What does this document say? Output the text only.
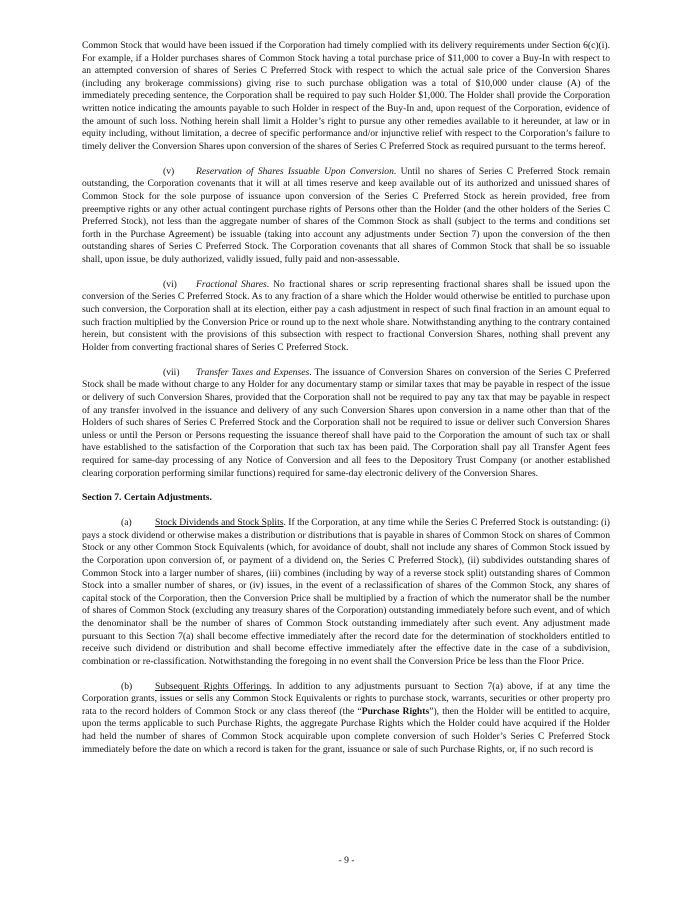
Common Stock that would have been issued if the Corporation had timely complied with its delivery requirements under Section 6(c)(i). For example, if a Holder purchases shares of Common Stock having a total purchase price of $11,000 to cover a Buy-In with respect to an attempted conversion of shares of Series C Preferred Stock with respect to which the actual sale price of the Conversion Shares (including any brokerage commissions) giving rise to such purchase obligation was a total of $10,000 under clause (A) of the immediately preceding sentence, the Corporation shall be required to pay such Holder $1,000. The Holder shall provide the Corporation written notice indicating the amounts payable to such Holder in respect of the Buy-In and, upon request of the Corporation, evidence of the amount of such loss. Nothing herein shall limit a Holder’s right to pursue any other remedies available to it hereunder, at law or in equity including, without limitation, a decree of specific performance and/or injunctive relief with respect to the Corporation’s failure to timely deliver the Conversion Shares upon conversion of the shares of Series C Preferred Stock as required pursuant to the terms hereof.

(v) Reservation of Shares Issuable Upon Conversion. Until no shares of Series C Preferred Stock remain outstanding, the Corporation covenants that it will at all times reserve and keep available out of its authorized and unissued shares of Common Stock for the sole purpose of issuance upon conversion of the Series C Preferred Stock as herein provided, free from preemptive rights or any other actual contingent purchase rights of Persons other than the Holder (and the other holders of the Series C Preferred Stock), not less than the aggregate number of shares of the Common Stock as shall (subject to the terms and conditions set forth in the Purchase Agreement) be issuable (taking into account any adjustments under Section 7) upon the conversion of the then outstanding shares of Series C Preferred Stock. The Corporation covenants that all shares of Common Stock that shall be so issuable shall, upon issue, be duly authorized, validly issued, fully paid and non-assessable.

(vi) Fractional Shares. No fractional shares or scrip representing fractional shares shall be issued upon the conversion of the Series C Preferred Stock. As to any fraction of a share which the Holder would otherwise be entitled to purchase upon such conversion, the Corporation shall at its election, either pay a cash adjustment in respect of such final fraction in an amount equal to such fraction multiplied by the Conversion Price or round up to the next whole share. Notwithstanding anything to the contrary contained herein, but consistent with the provisions of this subsection with respect to fractional Conversion Shares, nothing shall prevent any Holder from converting fractional shares of Series C Preferred Stock.

(vii) Transfer Taxes and Expenses. The issuance of Conversion Shares on conversion of the Series C Preferred Stock shall be made without charge to any Holder for any documentary stamp or similar taxes that may be payable in respect of the issue or delivery of such Conversion Shares, provided that the Corporation shall not be required to pay any tax that may be payable in respect of any transfer involved in the issuance and delivery of any such Conversion Shares upon conversion in a name other than that of the Holders of such shares of Series C Preferred Stock and the Corporation shall not be required to issue or deliver such Conversion Shares unless or until the Person or Persons requesting the issuance thereof shall have paid to the Corporation the amount of such tax or shall have established to the satisfaction of the Corporation that such tax has been paid. The Corporation shall pay all Transfer Agent fees required for same-day processing of any Notice of Conversion and all fees to the Depository Trust Company (or another established clearing corporation performing similar functions) required for same-day electronic delivery of the Conversion Shares.

Section 7. Certain Adjustments.

(a) Stock Dividends and Stock Splits. If the Corporation, at any time while the Series C Preferred Stock is outstanding: (i) pays a stock dividend or otherwise makes a distribution or distributions that is payable in shares of Common Stock on shares of Common Stock or any other Common Stock Equivalents (which, for avoidance of doubt, shall not include any shares of Common Stock issued by the Corporation upon conversion of, or payment of a dividend on, the Series C Preferred Stock), (ii) subdivides outstanding shares of Common Stock into a larger number of shares, (iii) combines (including by way of a reverse stock split) outstanding shares of Common Stock into a smaller number of shares, or (iv) issues, in the event of a reclassification of shares of the Common Stock, any shares of capital stock of the Corporation, then the Conversion Price shall be multiplied by a fraction of which the numerator shall be the number of shares of Common Stock (excluding any treasury shares of the Corporation) outstanding immediately before such event, and of which the denominator shall be the number of shares of Common Stock outstanding immediately after such event. Any adjustment made pursuant to this Section 7(a) shall become effective immediately after the record date for the determination of stockholders entitled to receive such dividend or distribution and shall become effective immediately after the effective date in the case of a subdivision, combination or re-classification. Notwithstanding the foregoing in no event shall the Conversion Price be less than the Floor Price.

(b) Subsequent Rights Offerings. In addition to any adjustments pursuant to Section 7(a) above, if at any time the Corporation grants, issues or sells any Common Stock Equivalents or rights to purchase stock, warrants, securities or other property pro rata to the record holders of Common Stock or any class thereof (the “Purchase Rights”), then the Holder will be entitled to acquire, upon the terms applicable to such Purchase Rights, the aggregate Purchase Rights which the Holder could have acquired if the Holder had held the number of shares of Common Stock acquirable upon complete conversion of such Holder’s Series C Preferred Stock immediately before the date on which a record is taken for the grant, issuance or sale of such Purchase Rights, or, if no such record is

- 9 -
